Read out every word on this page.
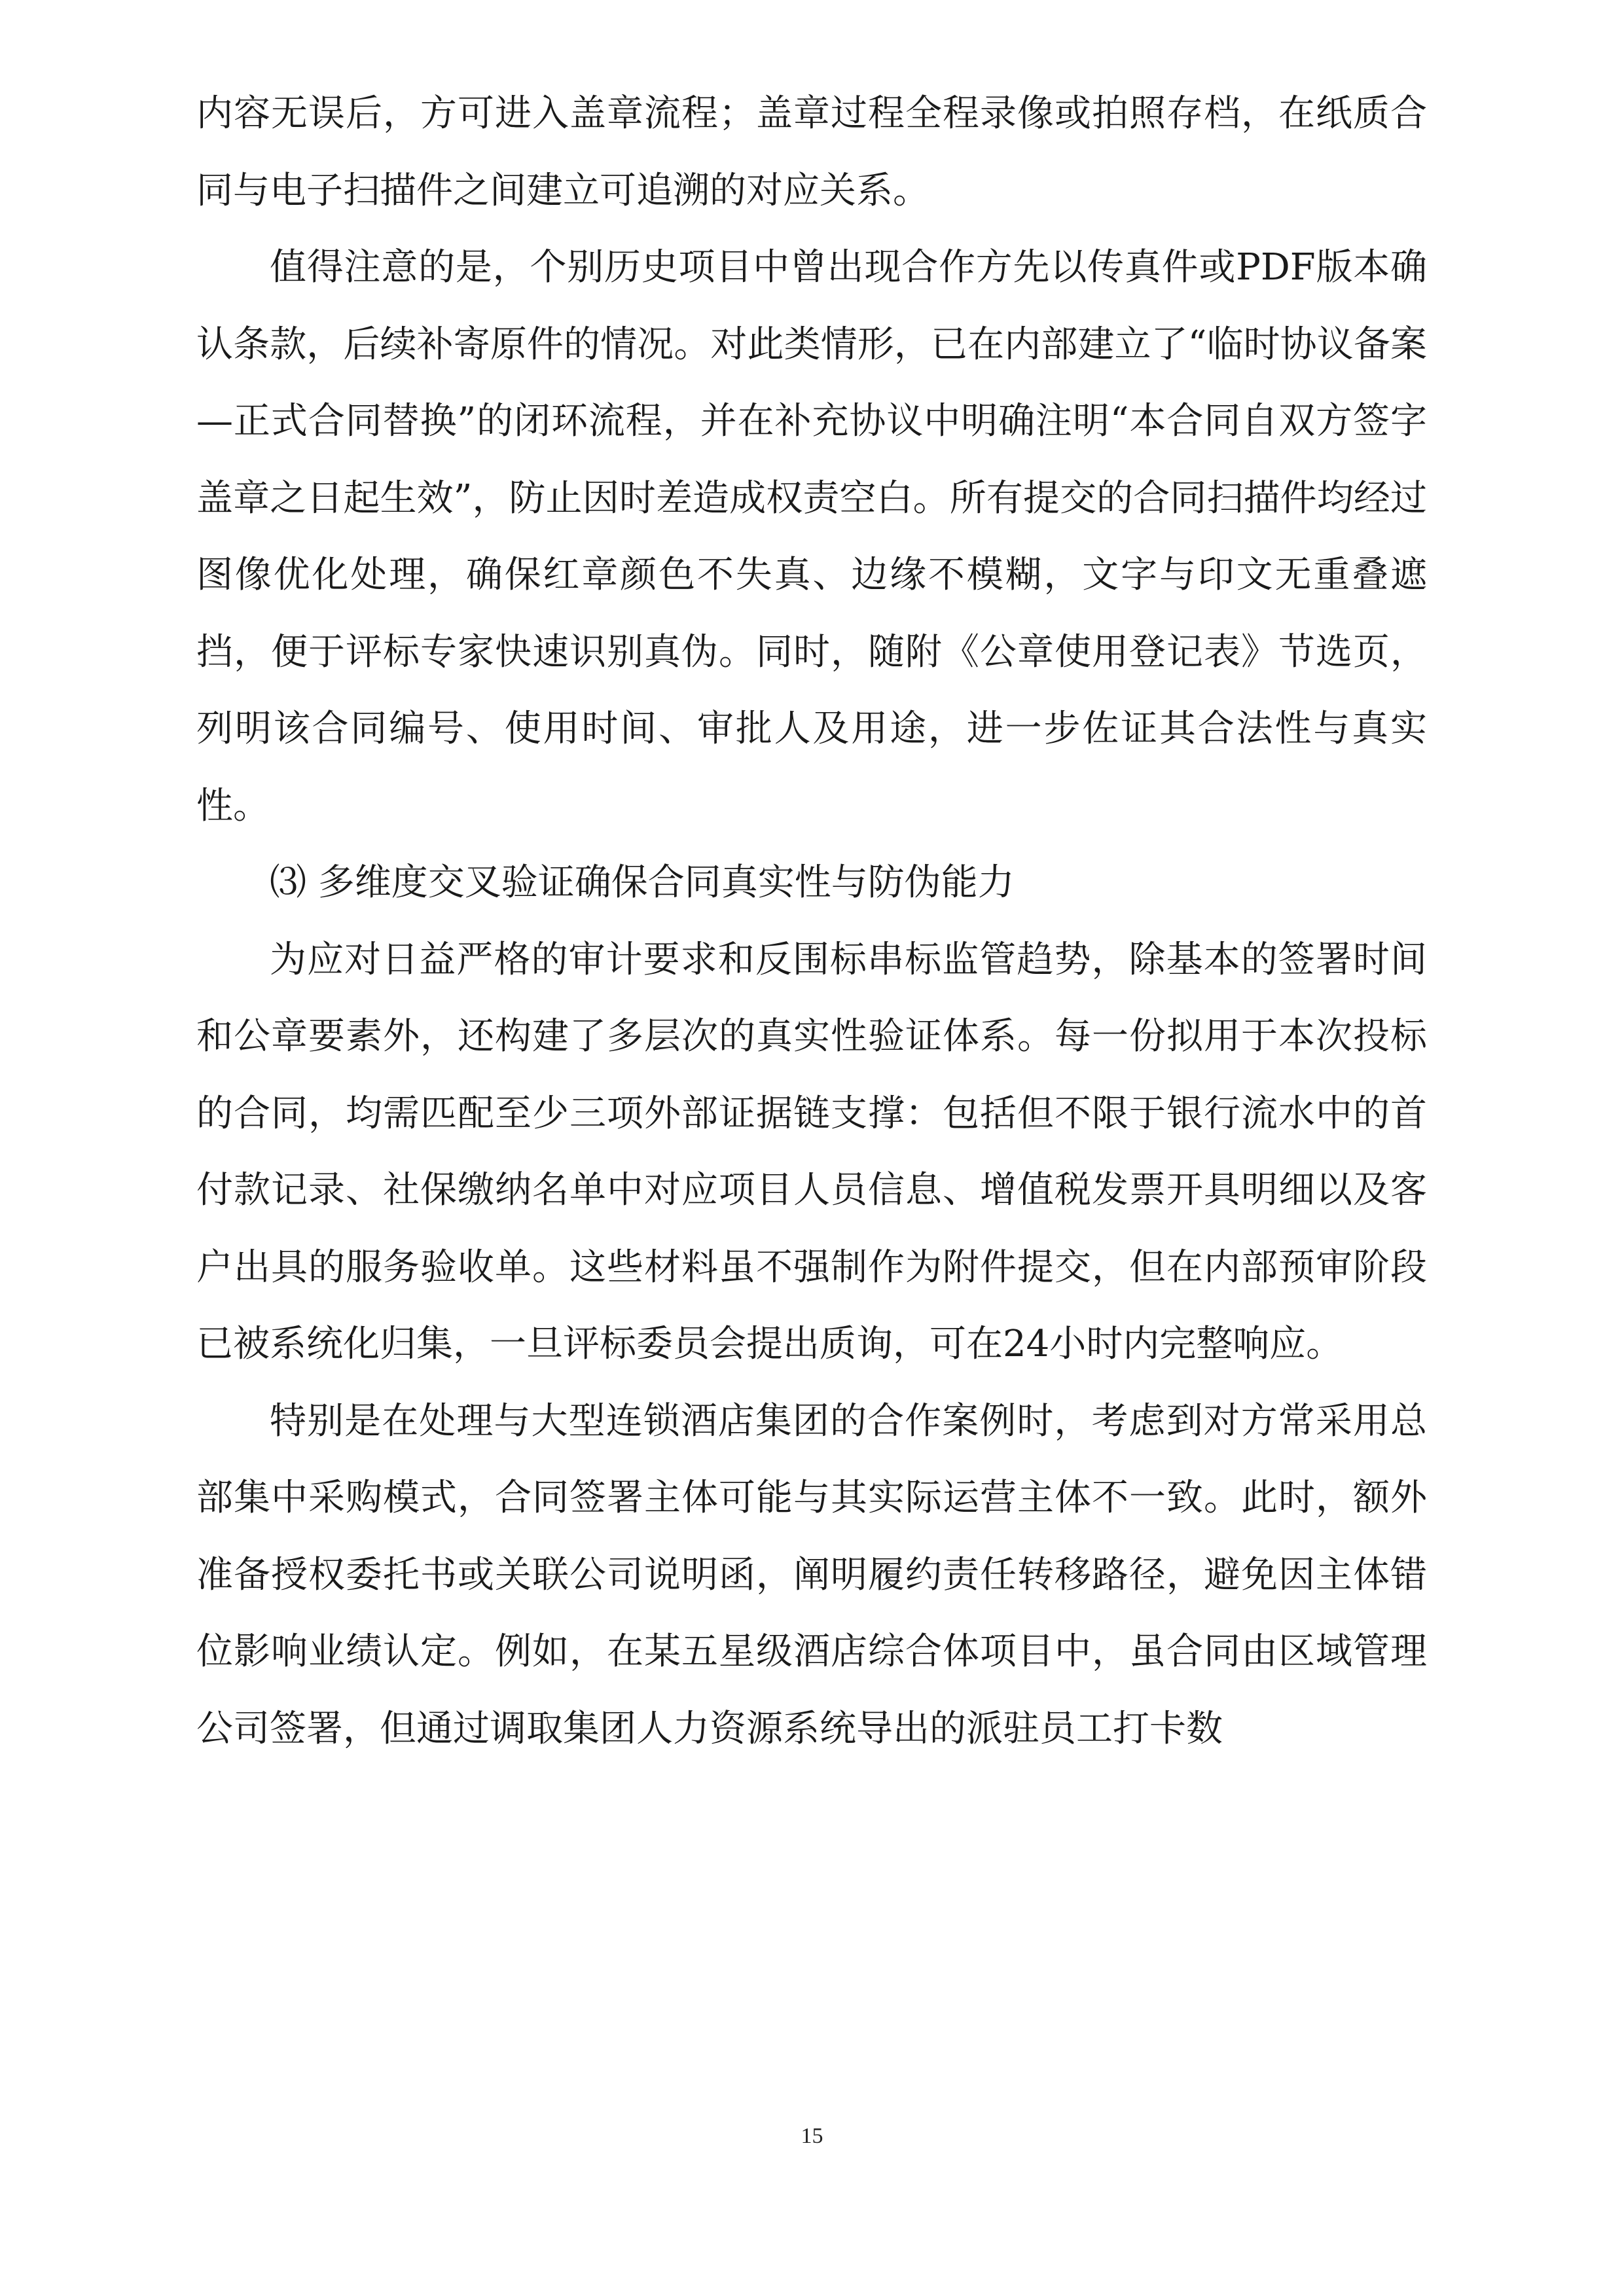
内容无误后，方可进入盖章流程；盖章过程全程录像或拍照存档，在纸质合同与电子扫描件之间建立可追溯的对应关系。

值得注意的是，个别历史项目中曾出现合作方先以传真件或PDF版本确认条款，后续补寄原件的情况。对此类情形，已在内部建立了“临时协议备案—正式合同替换”的闭环流程，并在补充协议中明确注明“本合同自双方签字盖章之日起生效”，防止因时差造成权责空白。所有提交的合同扫描件均经过图像优化处理，确保红章颜色不失真、边缘不模糊，文字与印文无重叠遮挡，便于评标专家快速识别真伪。同时，随附《公章使用登记表》节选页，列明该合同编号、使用时间、审批人及用途，进一步佐证其合法性与真实性。

⑶ 多维度交叉验证确保合同真实性与防伪能力

为应对日益严格的审计要求和反围标串标监管趋势，除基本的签署时间和公章要素外，还构建了多层次的真实性验证体系。每一份拟用于本次投标的合同，均需匹配至少三项外部证据链支撑：包括但不限于银行流水中的首付款记录、社保缴纳名单中对应项目人员信息、增值税发票开具明细以及客户出具的服务验收单。这些材料虽不强制作为附件提交，但在内部预审阶段已被系统化归集，一旦评标委员会提出质询，可在24小时内完整响应。

特别是在处理与大型连锁酒店集团的合作案例时，考虑到对方常采用总部集中采购模式，合同签署主体可能与其实际运营主体不一致。此时，额外准备授权委托书或关联公司说明函，阐明履约责任转移路径，避免因主体错位影响业绩认定。例如，在某五星级酒店综合体项目中，虽合同由区域管理公司签署，但通过调取集团人力资源系统导出的派驻员工打卡数

15
